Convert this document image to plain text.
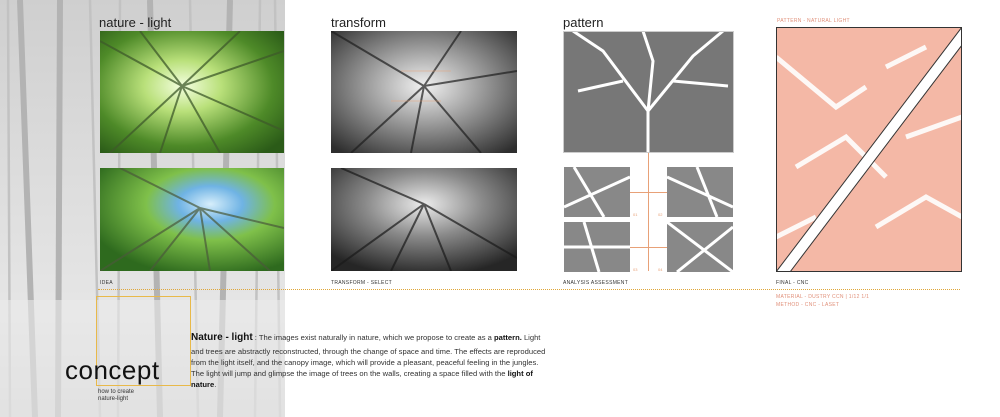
nature - light
IDEA
transform
TRANSFORM - SELECT
pattern
01	02
03	04
ANALYSIS ASSESSMENT
PATTERN - NATURAL LIGHT
FINAL - CNC
MATERIAL - DUSTRY CCN | 1/12 1/1
METHOD - CNC - LASET
concept
how to create
nature-light

Nature - light : The images exist naturally in nature, which we propose to create as a pattern. Light and trees are abstractly reconstructed, through the change of space and time. The effects are reproduced from the light itself, and the canopy image, which will provide a pleasant, peaceful feeling in the jungles. The light will jump and glimpse the image of trees on the walls, creating a space filled with the light of nature.
